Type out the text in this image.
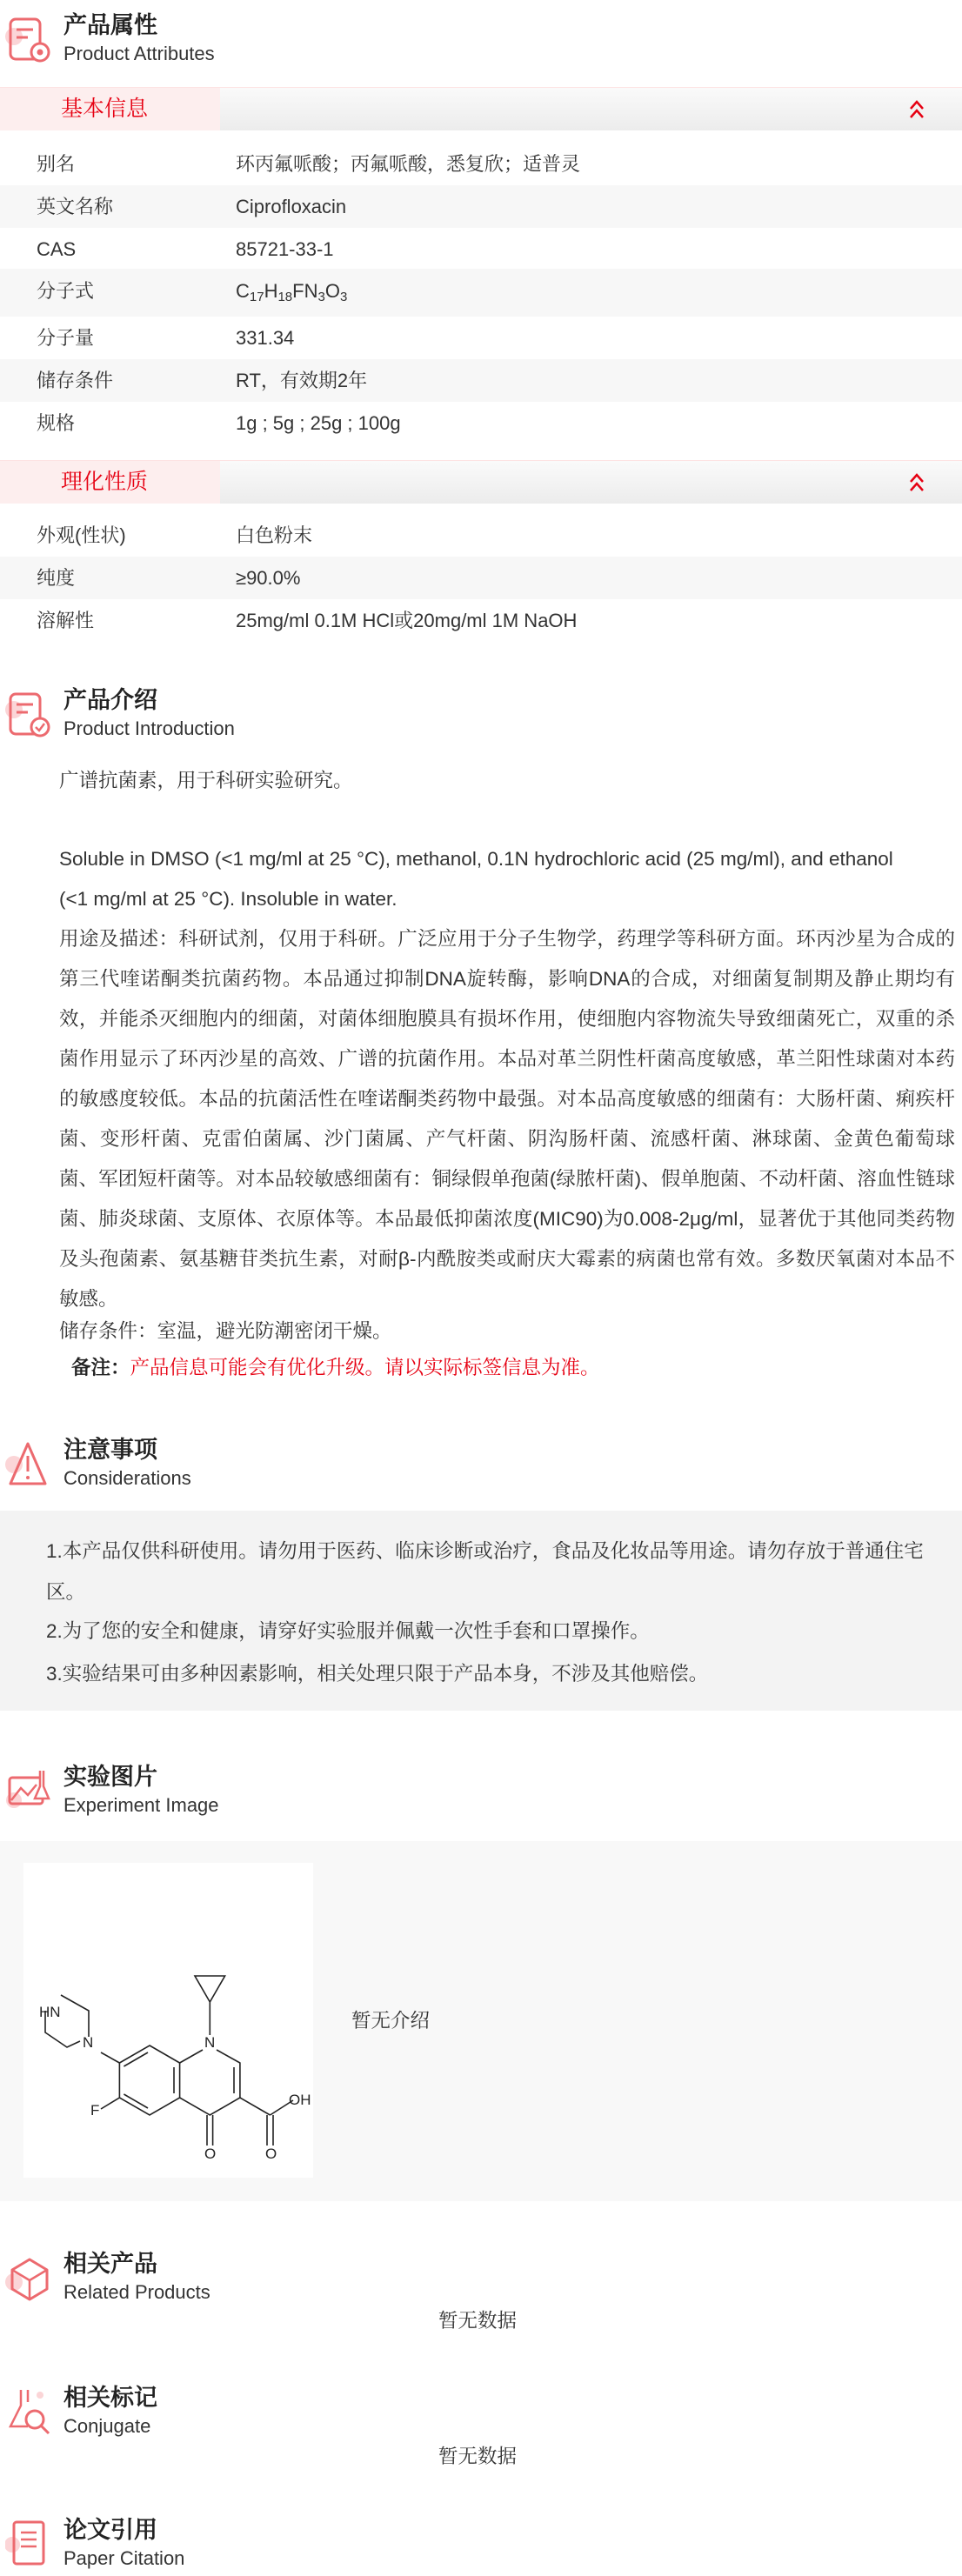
产品属性
Product Attributes
基本信息
别名	环丙氟哌酸；丙氟哌酸，悉复欣；适普灵
英文名称	Ciprofloxacin
CAS	85721-33-1
分子式	$C_{17}H_{18}FN_3O_3$
分子量	331.34
储存条件	RT，有效期2年
规格	1g ; 5g ; 25g ; 100g
理化性质
外观(性状)	白色粉末
纯度	≥90.0%
溶解性	25mg/ml 0.1M HCl或20mg/ml 1M NaOH
产品介绍
Product Introduction
广谱抗菌素，用于科研实验研究。
Soluble in DMSO (<1 mg/ml at 25 °C), methanol, 0.1N hydrochloric acid (25 mg/ml), and ethanol (<1 mg/ml at 25 °C). Insoluble in water.
用途及描述：科研试剂，仅用于科研。广泛应用于分子生物学，药理学等科研方面。环丙沙星为合成的第三代喹诺酮类抗菌药物。本品通过抑制DNA旋转酶，影响DNA的合成，对细菌复制期及静止期均有效，并能杀灭细胞内的细菌，对菌体细胞膜具有损坏作用，使细胞内容物流失导致细菌死亡，双重的杀菌作用显示了环丙沙星的高效、广谱的抗菌作用。本品对革兰阴性杆菌高度敏感，革兰阳性球菌对本药的敏感度较低。本品的抗菌活性在喹诺酮类药物中最强。对本品高度敏感的细菌有：大肠杆菌、痢疾杆菌、变形杆菌、克雷伯菌属、沙门菌属、产气杆菌、阴沟肠杆菌、流感杆菌、淋球菌、金黄色葡萄球菌、军团短杆菌等。对本品较敏感细菌有：铜绿假单孢菌(绿脓杆菌)、假单胞菌、不动杆菌、溶血性链球菌、肺炎球菌、支原体、衣原体等。本品最低抑菌浓度(MIC90)为0.008-2μg/ml，显著优于其他同类药物及头孢菌素、氨基糖苷类抗生素，对耐β-内酰胺类或耐庆大霉素的病菌也常有效。多数厌氧菌对本品不敏感。
储存条件：室温，避光防潮密闭干燥。
备注：产品信息可能会有优化升级。请以实际标签信息为准。
注意事项
Considerations

1.本产品仅供科研使用。请勿用于医药、临床诊断或治疗，食品及化妆品等用途。请勿存放于普通住宅区。

2.为了您的安全和健康，请穿好实验服并佩戴一次性手套和口罩操作。

3.实验结果可由多种因素影响，相关处理只限于产品本身，不涉及其他赔偿。

实验图片
Experiment Image
HN
N	N
F
O	O
OH
暂无介绍
相关产品
Related Products
暂无数据
相关标记
Conjugate
暂无数据
论文引用
Paper Citation
